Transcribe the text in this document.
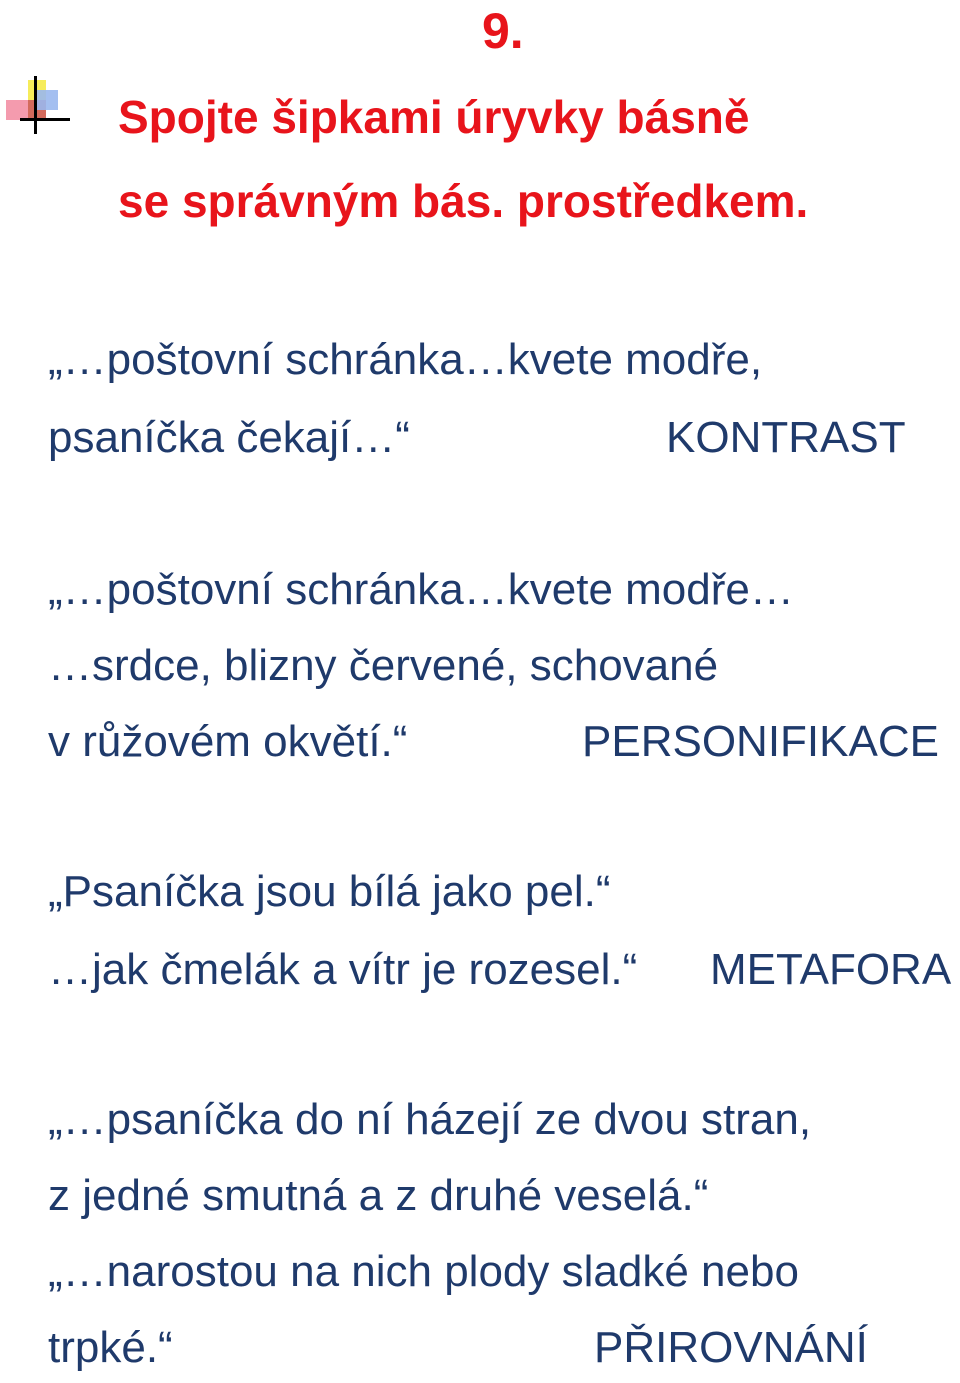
9.
Spojte šipkami úryvky básně
se správným bás. prostředkem.
„…poštovní schránka…kvete modře,
psaníčka čekají…“	KONTRAST
„…poštovní schránka…kvete modře…
…srdce, blizny červené, schované
v růžovém okvětí.“	PERSONIFIKACE
„Psaníčka jsou bílá jako pel.“
…jak čmelák a vítr je rozesel.“ METAFORA
„…psaníčka do ní házejí ze dvou stran,
z jedné smutná a z druhé veselá.“
„…narostou na nich plody sladké nebo
trpké.“	PŘIROVNÁNÍ
